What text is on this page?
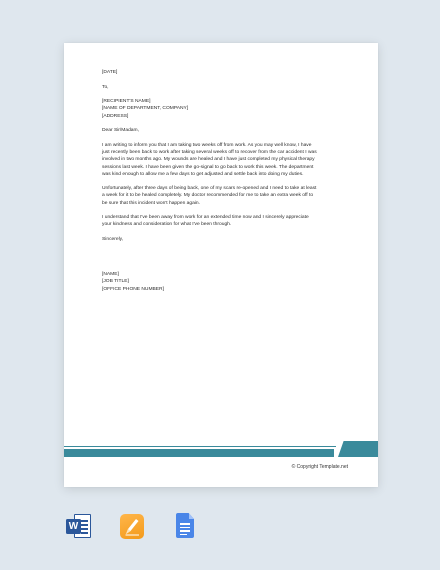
[DATE]
To,
[RECIPIENT'S NAME]
[NAME OF DEPARTMENT, COMPANY]
[ADDRESS]
Dear Sir/Madam,
I am writing to inform you that I am taking two weeks off from work. As you may well know, I have
just recently been back to work after taking several weeks off to recover from the car accident I was
involved in two months ago. My wounds are healed and I have just completed my physical therapy
sessions last week. I have been given the go-signal to go back to work this week. The department
was kind enough to allow me a few days to get adjusted and settle back into doing my duties.
Unfortunately, after three days of being back, one of my scars re-opened and I need to take at least
a week for it to be healed completely. My doctor recommended for me to take an extra week off to
be sure that this incident won't happen again.
I understand that I've been away from work for an extended time now and I sincerely appreciate
your kindness and consideration for what I've been through.
Sincerely,
[NAME]
[JOB TITLE]
[OFFICE PHONE NUMBER]
© Copyright Template.net
W
